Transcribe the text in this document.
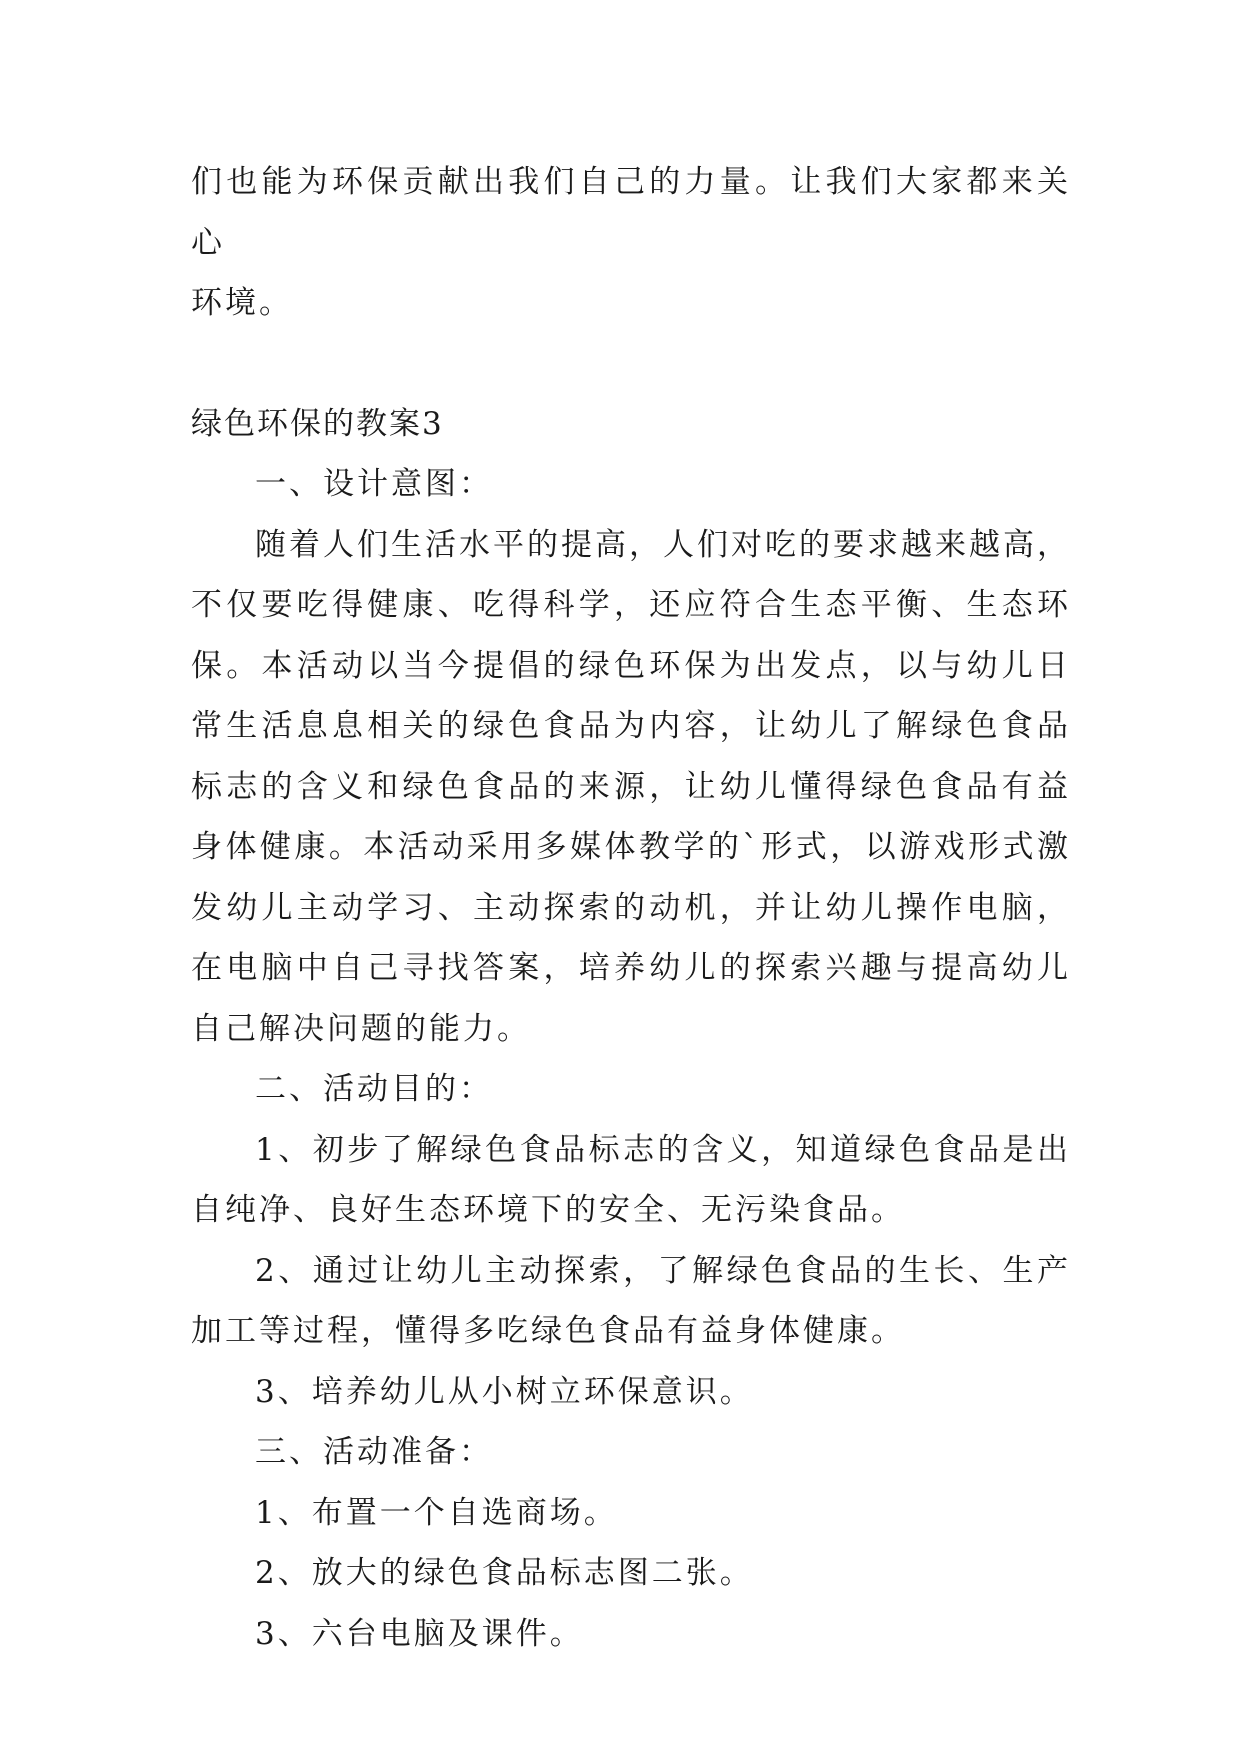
们也能为环保贡献出我们自己的力量。让我们大家都来关心

环境。

绿色环保的教案3

一、设计意图：

随着人们生活水平的提高，人们对吃的要求越来越高，不仅要吃得健康、吃得科学，还应符合生态平衡、生态环保。本活动以当今提倡的绿色环保为出发点，以与幼儿日常生活息息相关的绿色食品为内容，让幼儿了解绿色食品标志的含义和绿色食品的来源，让幼儿懂得绿色食品有益身体健康。本活动采用多媒体教学的`形式，以游戏形式激发幼儿主动学习、主动探索的动机，并让幼儿操作电脑，在电脑中自己寻找答案，培养幼儿的探索兴趣与提高幼儿自己解决问题的能力。

二、活动目的：

1、初步了解绿色食品标志的含义，知道绿色食品是出自纯净、良好生态环境下的安全、无污染食品。

2、通过让幼儿主动探索，了解绿色食品的生长、生产加工等过程，懂得多吃绿色食品有益身体健康。

3、培养幼儿从小树立环保意识。

三、活动准备：

1、布置一个自选商场。

2、放大的绿色食品标志图二张。

3、六台电脑及课件。
